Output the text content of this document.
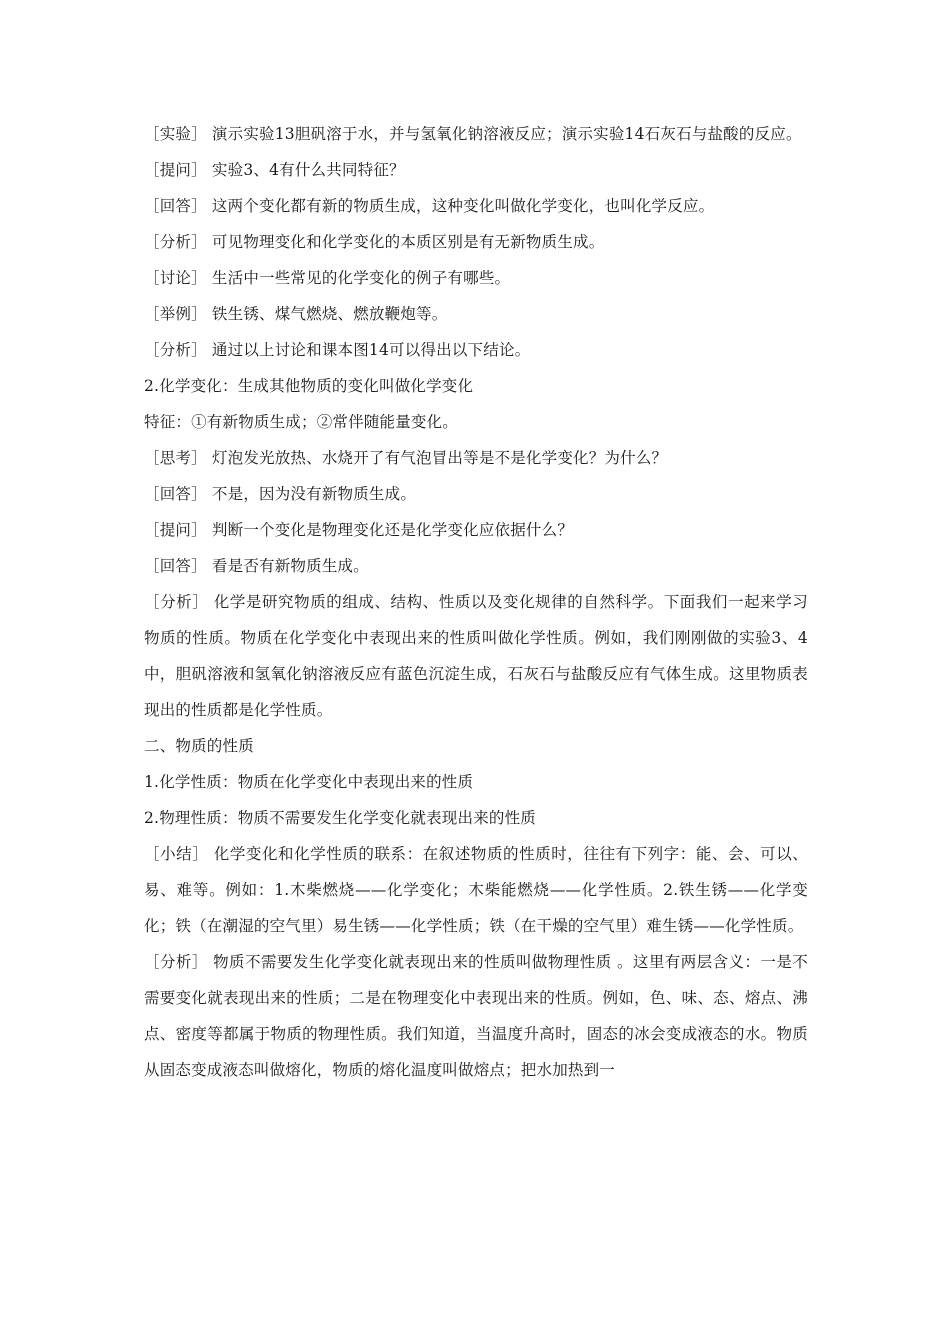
［实验］ 演示实验13胆矾溶于水，并与氢氧化钠溶液反应；演示实验14石灰石与盐酸的反应。

［提问］ 实验3、4有什么共同特征？

［回答］ 这两个变化都有新的物质生成，这种变化叫做化学变化，也叫化学反应。

［分析］ 可见物理变化和化学变化的本质区别是有无新物质生成。

［讨论］ 生活中一些常见的化学变化的例子有哪些。

［举例］ 铁生锈、煤气燃烧、燃放鞭炮等。

［分析］ 通过以上讨论和课本图14可以得出以下结论。

2.化学变化：生成其他物质的变化叫做化学变化

特征：①有新物质生成；②常伴随能量变化。

［思考］ 灯泡发光放热、水烧开了有气泡冒出等是不是化学变化？为什么？

［回答］ 不是，因为没有新物质生成。

［提问］ 判断一个变化是物理变化还是化学变化应依据什么？

［回答］ 看是否有新物质生成。

［分析］ 化学是研究物质的组成、结构、性质以及变化规律的自然科学。下面我们一起来学习物质的性质。物质在化学变化中表现出来的性质叫做化学性质。例如，我们刚刚做的实验3、4中，胆矾溶液和氢氧化钠溶液反应有蓝色沉淀生成，石灰石与盐酸反应有气体生成。这里物质表现出的性质都是化学性质。

二、物质的性质

1.化学性质：物质在化学变化中表现出来的性质

2.物理性质：物质不需要发生化学变化就表现出来的性质

［小结］ 化学变化和化学性质的联系：在叙述物质的性质时，往往有下列字：能、会、可以、易、难等。例如：1.木柴燃烧——化学变化；木柴能燃烧——化学性质。2.铁生锈——化学变化；铁（在潮湿的空气里）易生锈——化学性质；铁（在干燥的空气里）难生锈——化学性质。

［分析］ 物质不需要发生化学变化就表现出来的性质叫做物理性质 。这里有两层含义：一是不需要变化就表现出来的性质；二是在物理变化中表现出来的性质。例如，色、味、态、熔点、沸点、密度等都属于物质的物理性质。我们知道，当温度升高时，固态的冰会变成液态的水。物质从固态变成液态叫做熔化，物质的熔化温度叫做熔点；把水加热到一
